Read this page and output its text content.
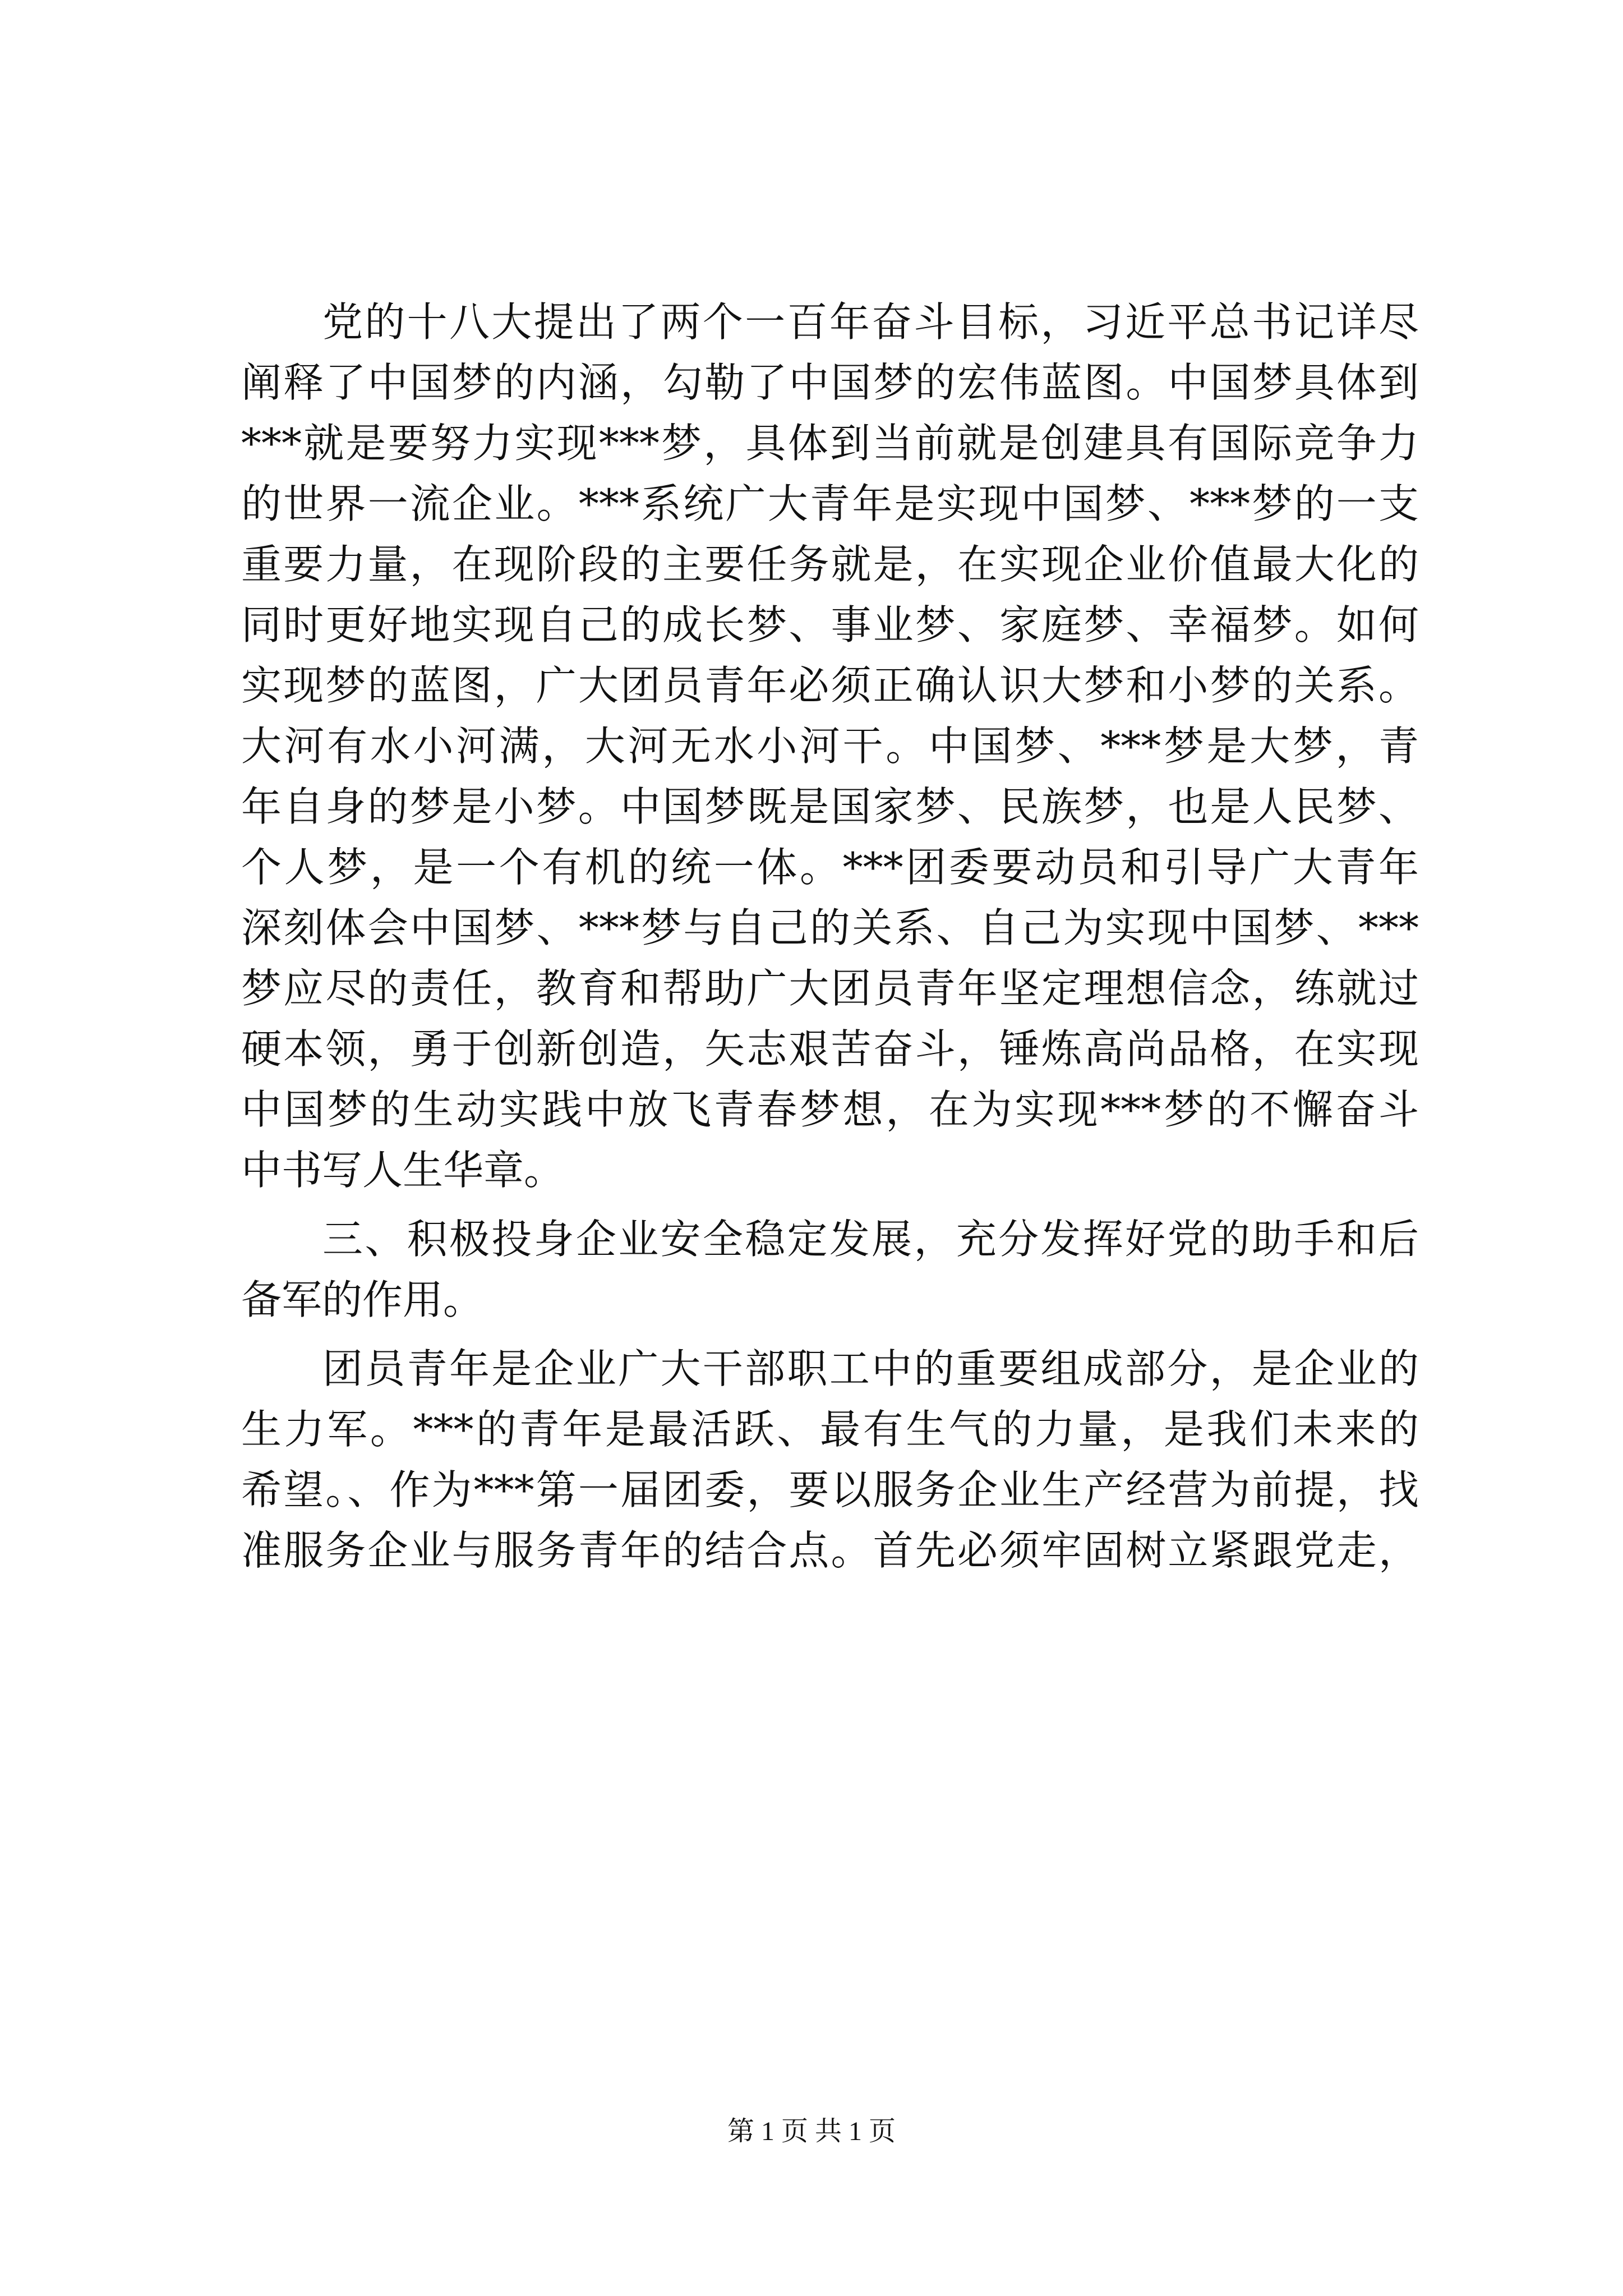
党的十八大提出了两个一百年奋斗目标，习近平总书记详尽
阐释了中国梦的内涵，勾勒了中国梦的宏伟蓝图。中国梦具体到
***就是要努力实现***梦，具体到当前就是创建具有国际竞争力
的世界一流企业。***系统广大青年是实现中国梦、***梦的一支
重要力量，在现阶段的主要任务就是，在实现企业价值最大化的
同时更好地实现自己的成长梦、事业梦、家庭梦、幸福梦。如何
实现梦的蓝图，广大团员青年必须正确认识大梦和小梦的关系。
大河有水小河满，大河无水小河干。中国梦、***梦是大梦，青
年自身的梦是小梦。中国梦既是国家梦、民族梦，也是人民梦、
个人梦，是一个有机的统一体。***团委要动员和引导广大青年
深刻体会中国梦、***梦与自己的关系、自己为实现中国梦、***
梦应尽的责任，教育和帮助广大团员青年坚定理想信念，练就过
硬本领，勇于创新创造，矢志艰苦奋斗，锤炼高尚品格，在实现
中国梦的生动实践中放飞青春梦想，在为实现***梦的不懈奋斗
中书写人生华章。
三、积极投身企业安全稳定发展，充分发挥好党的助手和后
备军的作用。
团员青年是企业广大干部职工中的重要组成部分，是企业的
生力军。***的青年是最活跃、最有生气的力量，是我们未来的
希望。、作为***第一届团委，要以服务企业生产经营为前提，找
准服务企业与服务青年的结合点。首先必须牢固树立紧跟党走，
第 1 页 共 1 页
